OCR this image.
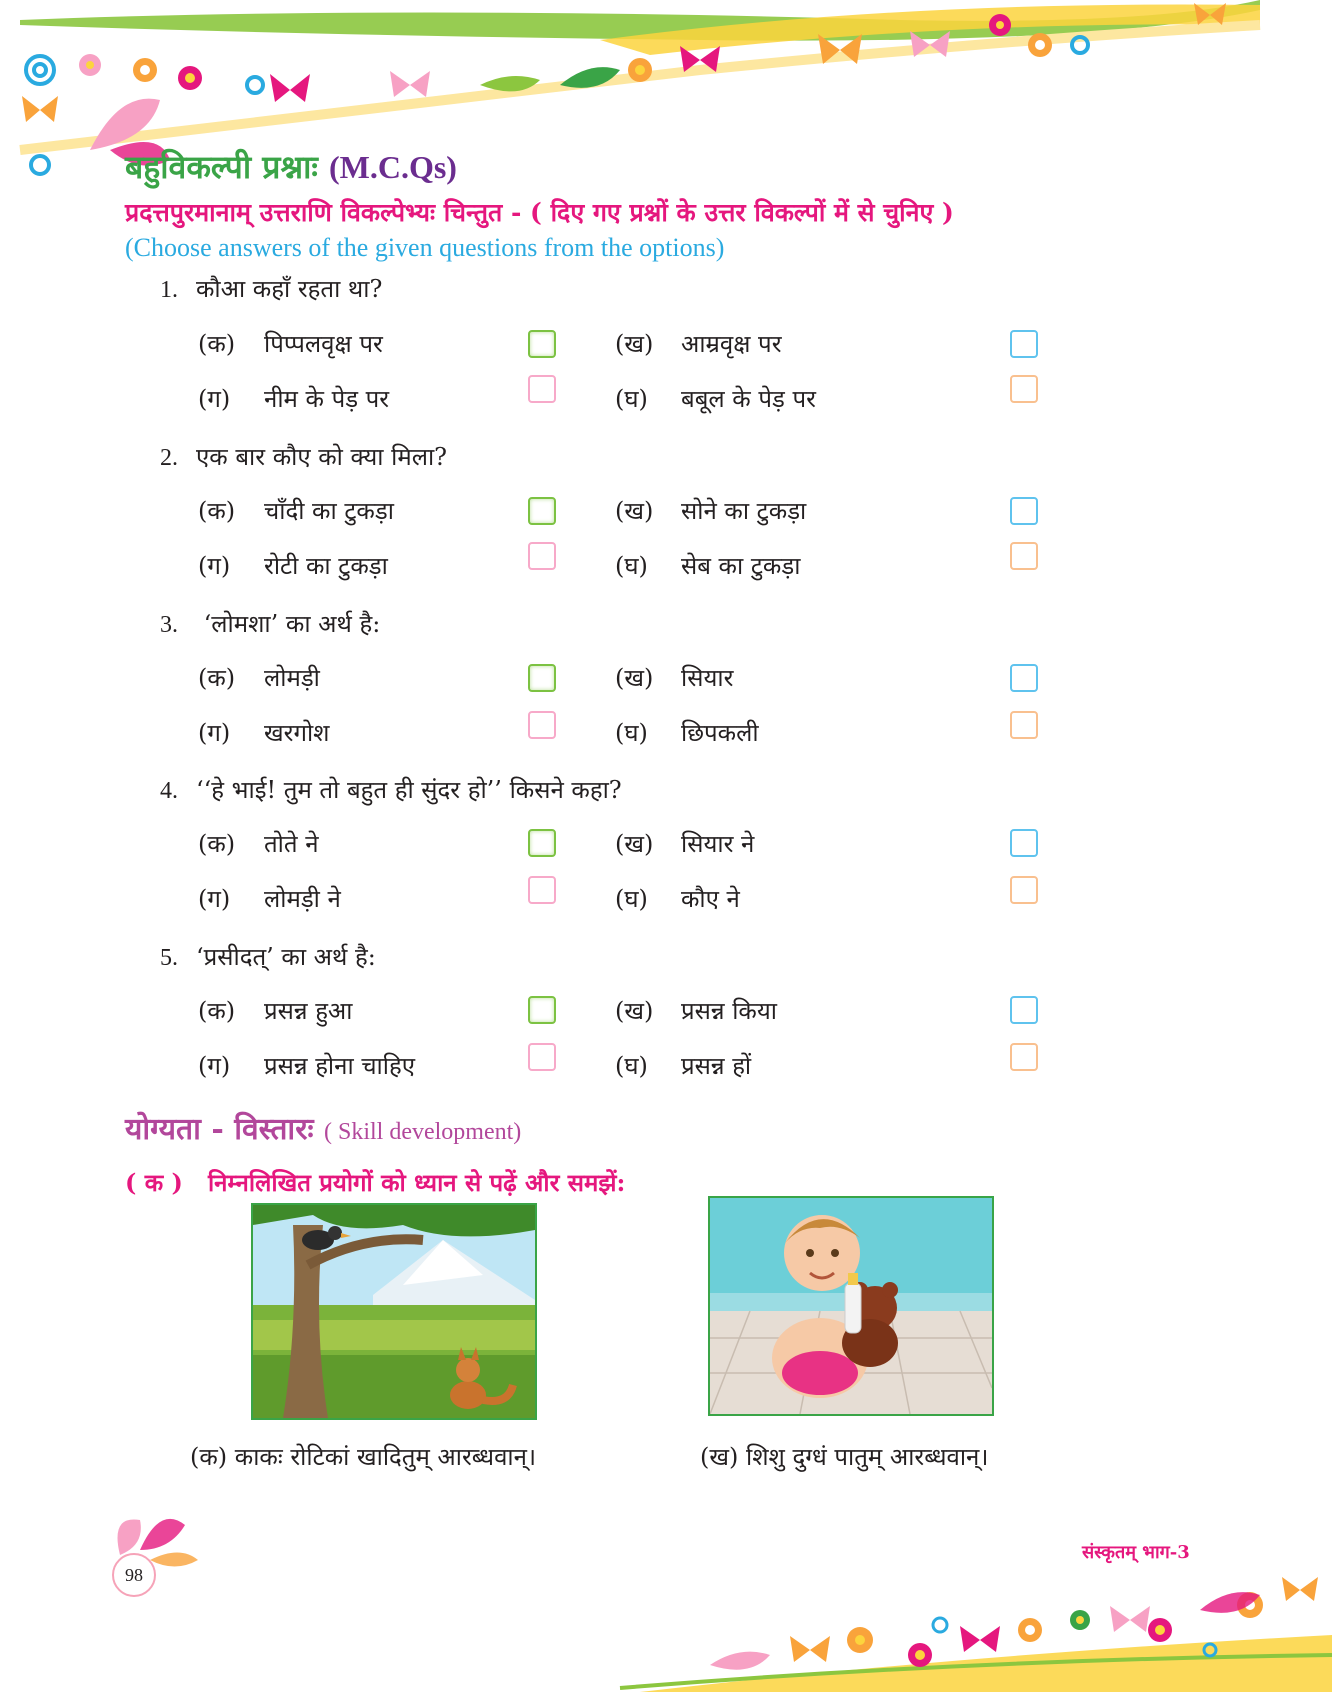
बहुविकल्पी प्रश्नाः (M.C.Qs)
प्रदत्तपुरमानाम् उत्तराणि विकल्पेभ्यः चिन्तुत - ( दिए गए प्रश्नों के उत्तर विकल्पों में से चुनिए )
(Choose answers of the given questions from the options)
1. कौआ कहाँ रहता था?
(क) पिप्पलवृक्ष पर	(ख) आम्रवृक्ष पर
(ग) नीम के पेड़ पर	(घ) बबूल के पेड़ पर
2. एक बार कौए को क्या मिला?
(क) चाँदी का टुकड़ा	(ख) सोने का टुकड़ा
(ग) रोटी का टुकड़ा	(घ) सेब का टुकड़ा
3. ‘लोमशा’ का अर्थ है:
(क) लोमड़ी	(ख) सियार
(ग) खरगोश	(घ) छिपकली
4. ‘‘हे भाई! तुम तो बहुत ही सुंदर हो’’ किसने कहा?
(क) तोते ने	(ख) सियार ने
(ग) लोमड़ी ने	(घ) कौए ने
5. ‘प्रसीदत्’ का अर्थ है:
(क) प्रसन्न हुआ	(ख) प्रसन्न किया
(ग) प्रसन्न होना चाहिए	(घ) प्रसन्न हों
योग्यता - विस्तारः ( Skill development)
( क ) निम्नलिखित प्रयोगों को ध्यान से पढ़ें और समझें:
(क) काकः रोटिकां खादितुम् आरब्धवान्।	(ख) शिशु दुग्धं पातुम् आरब्धवान्।
98
संस्कृतम् भाग-3
